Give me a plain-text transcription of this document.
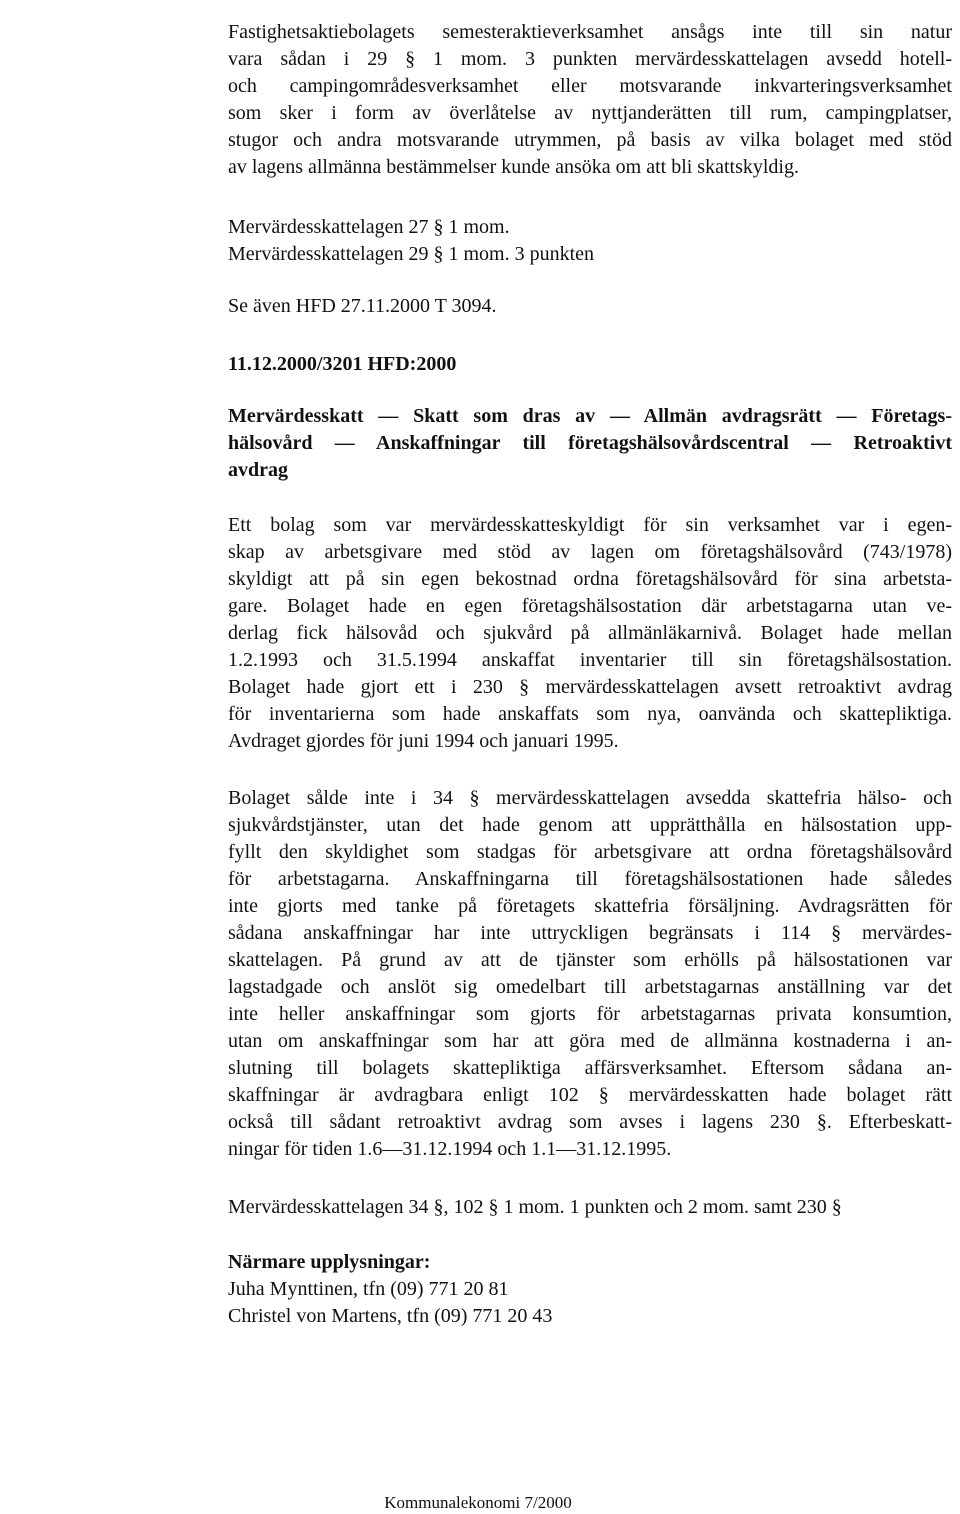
Fastighetsaktiebolagets semesteraktieverksamhet ansågs inte till sin natur
vara sådan i 29 § 1 mom. 3 punkten mervärdesskattelagen avsedd hotell-
och campingområdesverksamhet eller motsvarande inkvarteringsverksamhet
som sker i form av överlåtelse av nyttjanderätten till rum, campingplatser,
stugor och andra motsvarande utrymmen, på basis av vilka bolaget med stöd
av lagens allmänna bestämmelser kunde ansöka om att bli skattskyldig.
Mervärdesskattelagen 27 § 1 mom.
Mervärdesskattelagen 29 § 1 mom. 3 punkten
Se även HFD 27.11.2000 T 3094.
11.12.2000/3201 HFD:2000
Mervärdesskatt — Skatt som dras av — Allmän avdragsrätt — Företags-
hälsovård — Anskaffningar till företagshälsovårdscentral — Retroaktivt
avdrag
Ett bolag som var mervärdesskatteskyldigt för sin verksamhet var i egen-
skap av arbetsgivare med stöd av lagen om företagshälsovård (743/1978)
skyldigt att på sin egen bekostnad ordna företagshälsovård för sina arbetsta-
gare. Bolaget hade en egen företagshälsostation där arbetstagarna utan ve-
derlag fick hälsovåd och sjukvård på allmänläkarnivå. Bolaget hade mellan
1.2.1993 och 31.5.1994 anskaffat inventarier till sin företagshälsostation.
Bolaget hade gjort ett i 230 § mervärdesskattelagen avsett retroaktivt avdrag
för inventarierna som hade anskaffats som nya, oanvända och skattepliktiga.
Avdraget gjordes för juni 1994 och januari 1995.
Bolaget sålde inte i 34 § mervärdesskattelagen avsedda skattefria hälso- och
sjukvårdstjänster, utan det hade genom att upprätthålla en hälsostation upp-
fyllt den skyldighet som stadgas för arbetsgivare att ordna företagshälsovård
för arbetstagarna. Anskaffningarna till företagshälsostationen hade således
inte gjorts med tanke på företagets skattefria försäljning. Avdragsrätten för
sådana anskaffningar har inte uttryckligen begränsats i 114 § mervärdes-
skattelagen. På grund av att de tjänster som erhölls på hälsostationen var
lagstadgade och anslöt sig omedelbart till arbetstagarnas anställning var det
inte heller anskaffningar som gjorts för arbetstagarnas privata konsumtion,
utan om anskaffningar som har att göra med de allmänna kostnaderna i an-
slutning till bolagets skattepliktiga affärsverksamhet. Eftersom sådana an-
skaffningar är avdragbara enligt 102 § mervärdesskatten hade bolaget rätt
också till sådant retroaktivt avdrag som avses i lagens 230 §. Efterbeskatt-
ningar för tiden 1.6—31.12.1994 och 1.1—31.12.1995.
Mervärdesskattelagen 34 §, 102 § 1 mom. 1 punkten och 2 mom. samt 230 §
Närmare upplysningar:
Juha Mynttinen, tfn (09) 771 20 81
Christel von Martens, tfn (09) 771 20 43
Kommunalekonomi 7/2000
